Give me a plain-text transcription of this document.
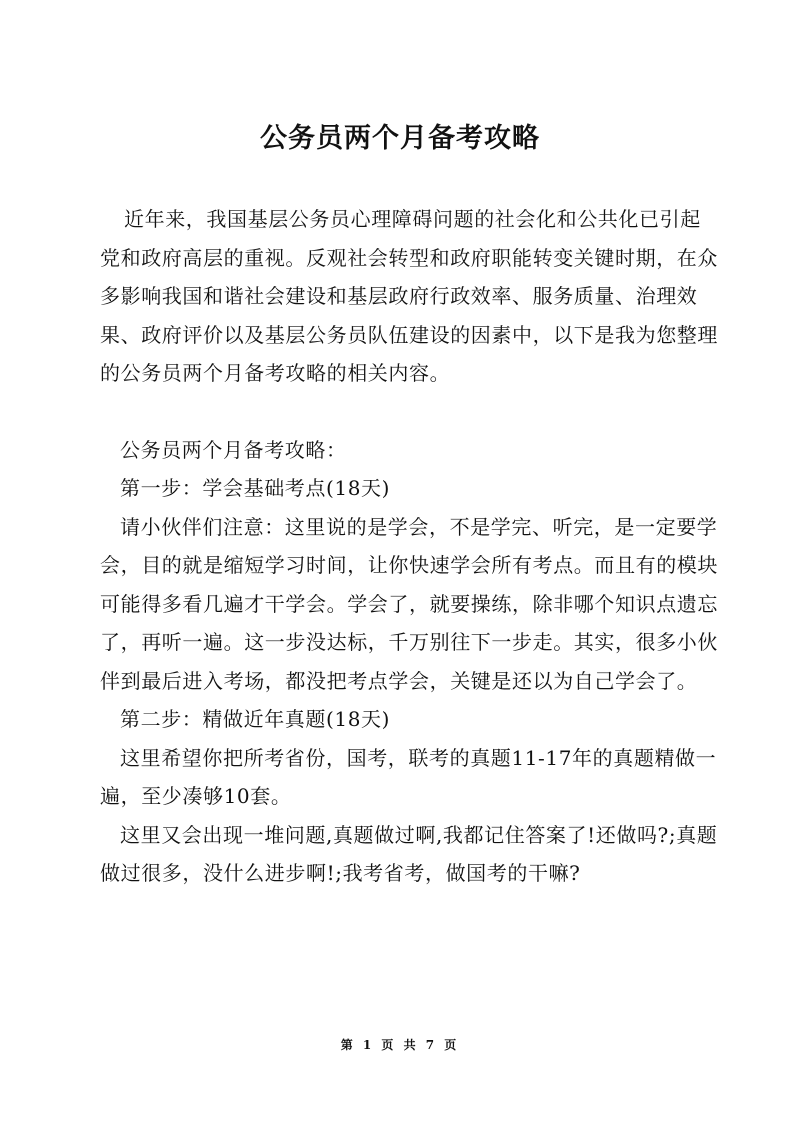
公务员两个月备考攻略

近年来，我国基层公务员心理障碍问题的社会化和公共化已引起党和政府高层的重视。反观社会转型和政府职能转变关键时期，在众多影响我国和谐社会建设和基层政府行政效率、服务质量、治理效果、政府评价以及基层公务员队伍建设的因素中，以下是我为您整理的公务员两个月备考攻略的相关内容。

公务员两个月备考攻略：

第一步：学会基础考点(18天)

请小伙伴们注意：这里说的是学会，不是学完、听完，是一定要学会，目的就是缩短学习时间，让你快速学会所有考点。而且有的模块可能得多看几遍才干学会。学会了，就要操练，除非哪个知识点遗忘了，再听一遍。这一步没达标，千万别往下一步走。其实，很多小伙伴到最后进入考场，都没把考点学会，关键是还以为自己学会了。

第二步：精做近年真题(18天)

这里希望你把所考省份，国考，联考的真题11-17年的真题精做一遍，至少凑够10套。

这里又会出现一堆问题,真题做过啊,我都记住答案了!还做吗?;真题做过很多，没什么进步啊!;我考省考，做国考的干嘛?

第 1 页 共 7 页
